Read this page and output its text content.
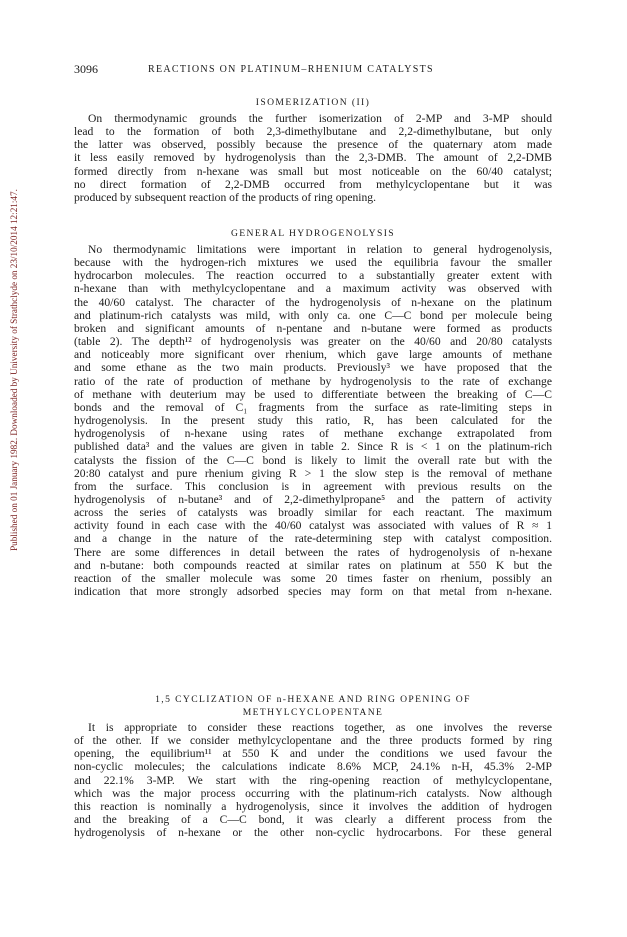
3096	REACTIONS ON PLATINUM–RHENIUM CATALYSTS
Published on 01 January 1982. Downloaded by University of Strathclyde on 23/10/2014 12:21:47.
ISOMERIZATION (II)
On thermodynamic grounds the further isomerization of 2-MP and 3-MP should
lead to the formation of both 2,3-dimethylbutane and 2,2-dimethylbutane, but only
the latter was observed, possibly because the presence of the quaternary atom made
it less easily removed by hydrogenolysis than the 2,3-DMB. The amount of 2,2-DMB
formed directly from n-hexane was small but most noticeable on the 60/40 catalyst;
no direct formation of 2,2-DMB occurred from methylcyclopentane but it was
produced by subsequent reaction of the products of ring opening.
GENERAL HYDROGENOLYSIS
No thermodynamic limitations were important in relation to general hydrogenolysis,
because with the hydrogen-rich mixtures we used the equilibria favour the smaller
hydrocarbon molecules. The reaction occurred to a substantially greater extent with
n-hexane than with methylcyclopentane and a maximum activity was observed with
the 40/60 catalyst. The character of the hydrogenolysis of n-hexane on the platinum
and platinum-rich catalysts was mild, with only ca. one C—C bond per molecule being
broken and significant amounts of n-pentane and n-butane were formed as products
(table 2). The depth¹² of hydrogenolysis was greater on the 40/60 and 20/80 catalysts
and noticeably more significant over rhenium, which gave large amounts of methane
and some ethane as the two main products. Previously³ we have proposed that the
ratio of the rate of production of methane by hydrogenolysis to the rate of exchange
of methane with deuterium may be used to differentiate between the breaking of C—C
bonds and the removal of C₁ fragments from the surface as rate-limiting steps in
hydrogenolysis. In the present study this ratio, R, has been calculated for the
hydrogenolysis of n-hexane using rates of methane exchange extrapolated from
published data³ and the values are given in table 2. Since R is < 1 on the platinum-rich
catalysts the fission of the C—C bond is likely to limit the overall rate but with the
20:80 catalyst and pure rhenium giving R > 1 the slow step is the removal of methane
from the surface. This conclusion is in agreement with previous results on the
hydrogenolysis of n-butane³ and of 2,2-dimethylpropane⁵ and the pattern of activity
across the series of catalysts was broadly similar for each reactant. The maximum
activity found in each case with the 40/60 catalyst was associated with values of R ≈ 1
and a change in the nature of the rate-determining step with catalyst composition.
There are some differences in detail between the rates of hydrogenolysis of n-hexane
and n-butane: both compounds reacted at similar rates on platinum at 550 K but the
reaction of the smaller molecule was some 20 times faster on rhenium, possibly an
indication that more strongly adsorbed species may form on that metal from n-hexane.
1,5 CYCLIZATION OF n-HEXANE AND RING OPENING OF
METHYLCYCLOPENTANE
It is appropriate to consider these reactions together, as one involves the reverse
of the other. If we consider methylcyclopentane and the three products formed by ring
opening, the equilibrium¹¹ at 550 K and under the conditions we used favour the
non-cyclic molecules; the calculations indicate 8.6% MCP, 24.1% n-H, 45.3% 2-MP
and 22.1% 3-MP. We start with the ring-opening reaction of methylcyclopentane,
which was the major process occurring with the platinum-rich catalysts. Now although
this reaction is nominally a hydrogenolysis, since it involves the addition of hydrogen
and the breaking of a C—C bond, it was clearly a different process from the
hydrogenolysis of n-hexane or the other non-cyclic hydrocarbons. For these general
